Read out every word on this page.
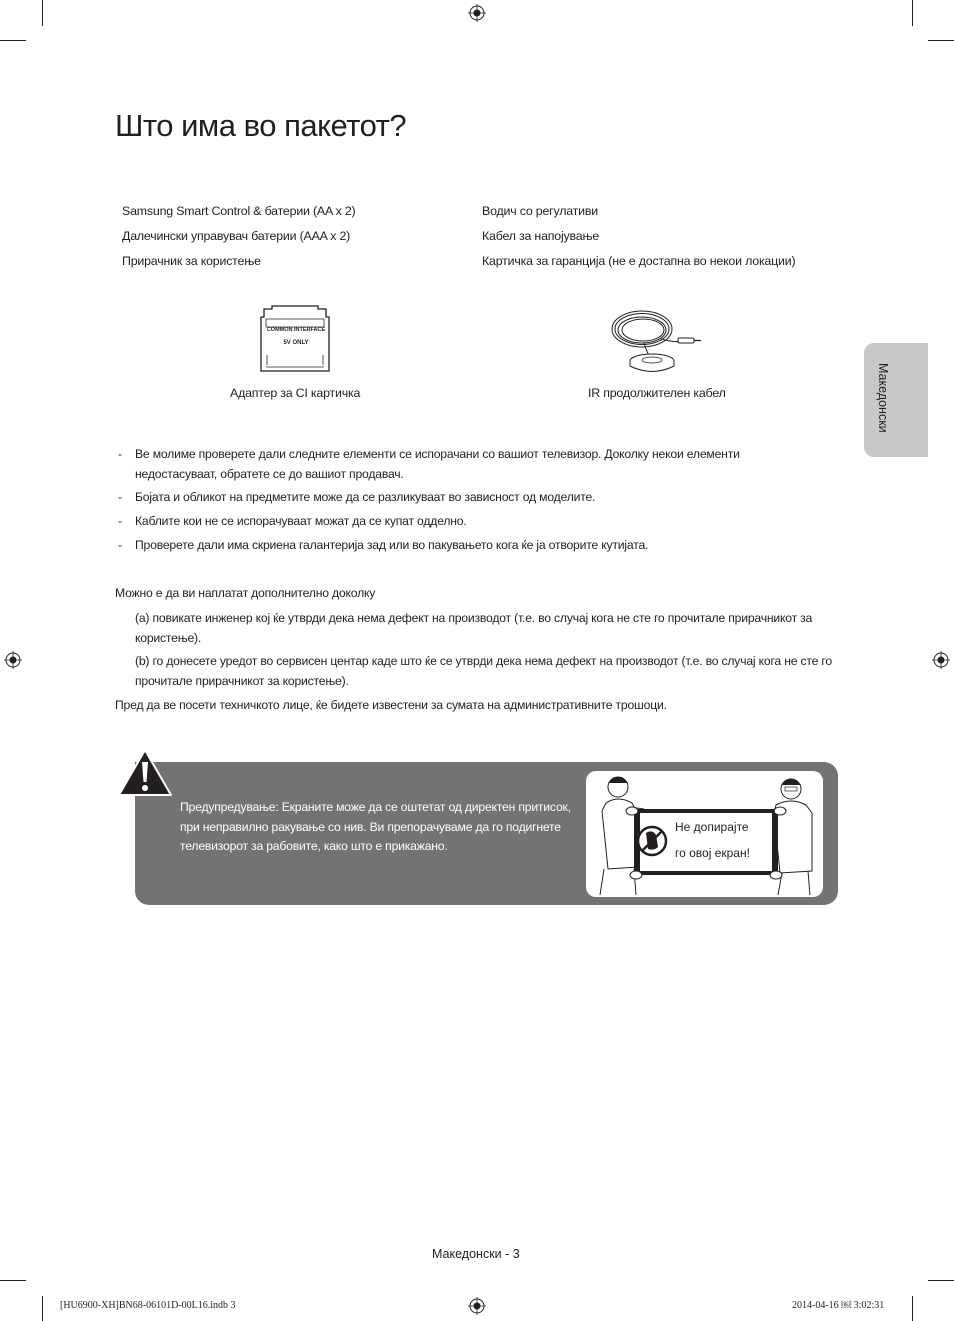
Што има во пакетот?
Samsung Smart Control & батерии (AA x 2)
Далечински управувач батерии (AAA x 2)
Прирачник за користење
Водич со регулативи
Кабел за напојување
Картичка за гаранција (не е достапна во некои локации)
COMMON INTERFACE
5V ONLY
Адаптер за CI картичка	IR продолжителен кабел
- Ве молиме проверете дали следните елементи се испорачани со вашиот телевизор. Доколку некои елементи недостасуваат, обратете се до вашиот продавач.
- Бојата и обликот на предметите може да се разликуваат во зависност од моделите.
- Каблите кои не се испорачуваат можат да се купат одделно.
- Проверете дали има скриена галантерија зад или во пакувањето кога ќе ја отворите кутијата.
Можно е да ви наплатат дополнително доколку
(а) повикате инженер кој ќе утврди дека нема дефект на производот (т.е. во случај кога не сте го прочитале прирачникот за користење).
(b) го донесете уредот во сервисен центар каде што ќе се утврди дека нема дефект на производот (т.е. во случај кога не сте го прочитале прирачникот за користење).
Пред да ве посети техничкото лице, ќе бидете известени за сумата на административните трошоци.
Македонски
Предупредување: Екраните може да се оштетат од директен притисок, при неправилно ракување со нив. Ви препорачуваме да го подигнете телевизорот за рабовите, како што е прикажано.
Не допирајте
го овој екран!
Македонски - 3
[HU6900-XH]BN68-06101D-00L16.indb 3	2014-04-16 ￼ 3:02:31
